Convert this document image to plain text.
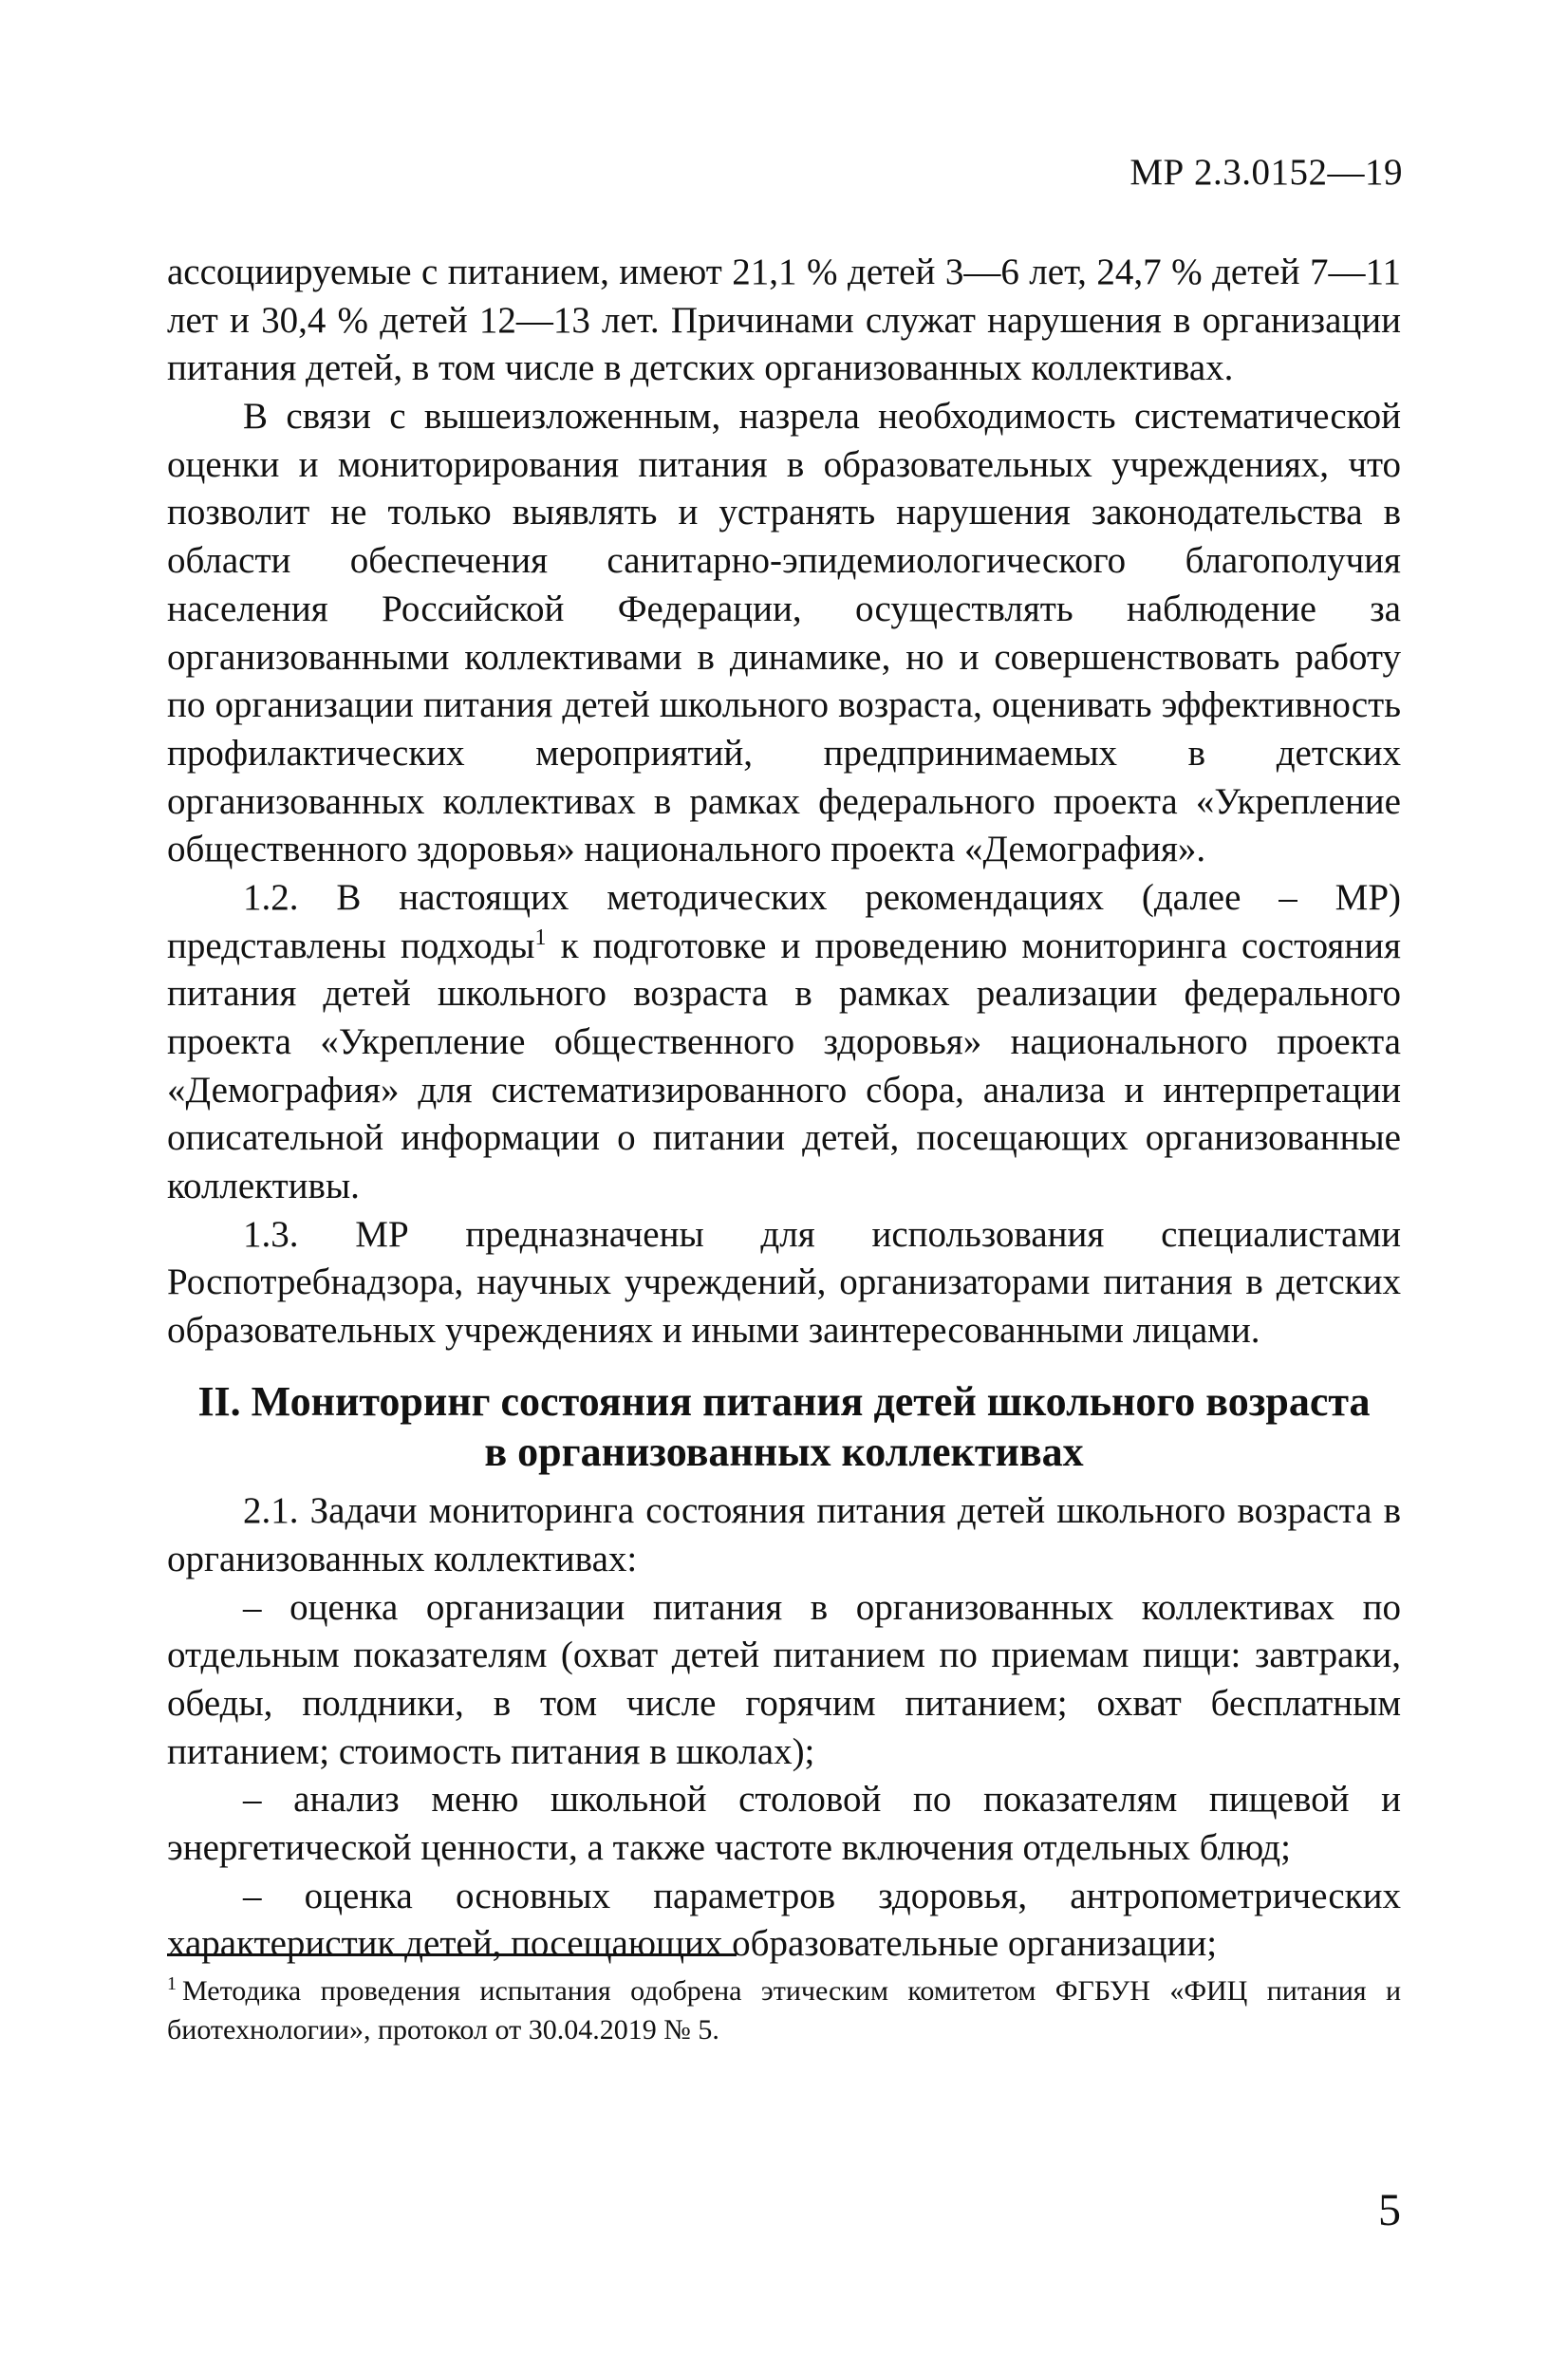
МР 2.3.0152—19

ассоциируемые с питанием, имеют 21,1 % детей 3—6 лет, 24,7 % детей 7—11 лет и 30,4 % детей 12—13 лет. Причинами служат нарушения в организации питания детей, в том числе в детских организованных коллективах.

В связи с вышеизложенным, назрела необходимость систематической оценки и мониторирования питания в образовательных учреждениях, что позволит не только выявлять и устранять нарушения законодательства в области обеспечения санитарно-эпидемиологического благополучия населения Российской Федерации, осуществлять наблюдение за организованными коллективами в динамике, но и совершенствовать работу по организации питания детей школьного возраста, оценивать эффективность профилактических мероприятий, предпринимаемых в детских организованных коллективах в рамках федерального проекта «Укрепление общественного здоровья» национального проекта «Демография».

1.2. В настоящих методических рекомендациях (далее – МР) представлены подходы$^1$ к подготовке и проведению мониторинга состояния питания детей школьного возраста в рамках реализации федерального проекта «Укрепление общественного здоровья» национального проекта «Демография» для систематизированного сбора, анализа и интерпретации описательной информации о питании детей, посещающих организованные коллективы.

1.3. МР предназначены для использования специалистами Роспотребнадзора, научных учреждений, организаторами питания в детских образовательных учреждениях и иными заинтересованными лицами.

II. Мониторинг состояния питания детей школьного возраста
в организованных коллективах

2.1. Задачи мониторинга состояния питания детей школьного возраста в организованных коллективах:

– оценка организации питания в организованных коллективах по отдельным показателям (охват детей питанием по приемам пищи: завтраки, обеды, полдники, в том числе горячим питанием; охват бесплатным питанием; стоимость питания в школах);

– анализ меню школьной столовой по показателям пищевой и энергетической ценности, а также частоте включения отдельных блюд;

– оценка основных параметров здоровья, антропометрических характеристик детей, посещающих образовательные организации;

$^1$ Методика проведения испытания одобрена этическим комитетом ФГБУН «ФИЦ питания и биотехнологии», протокол от 30.04.2019 № 5.
5
